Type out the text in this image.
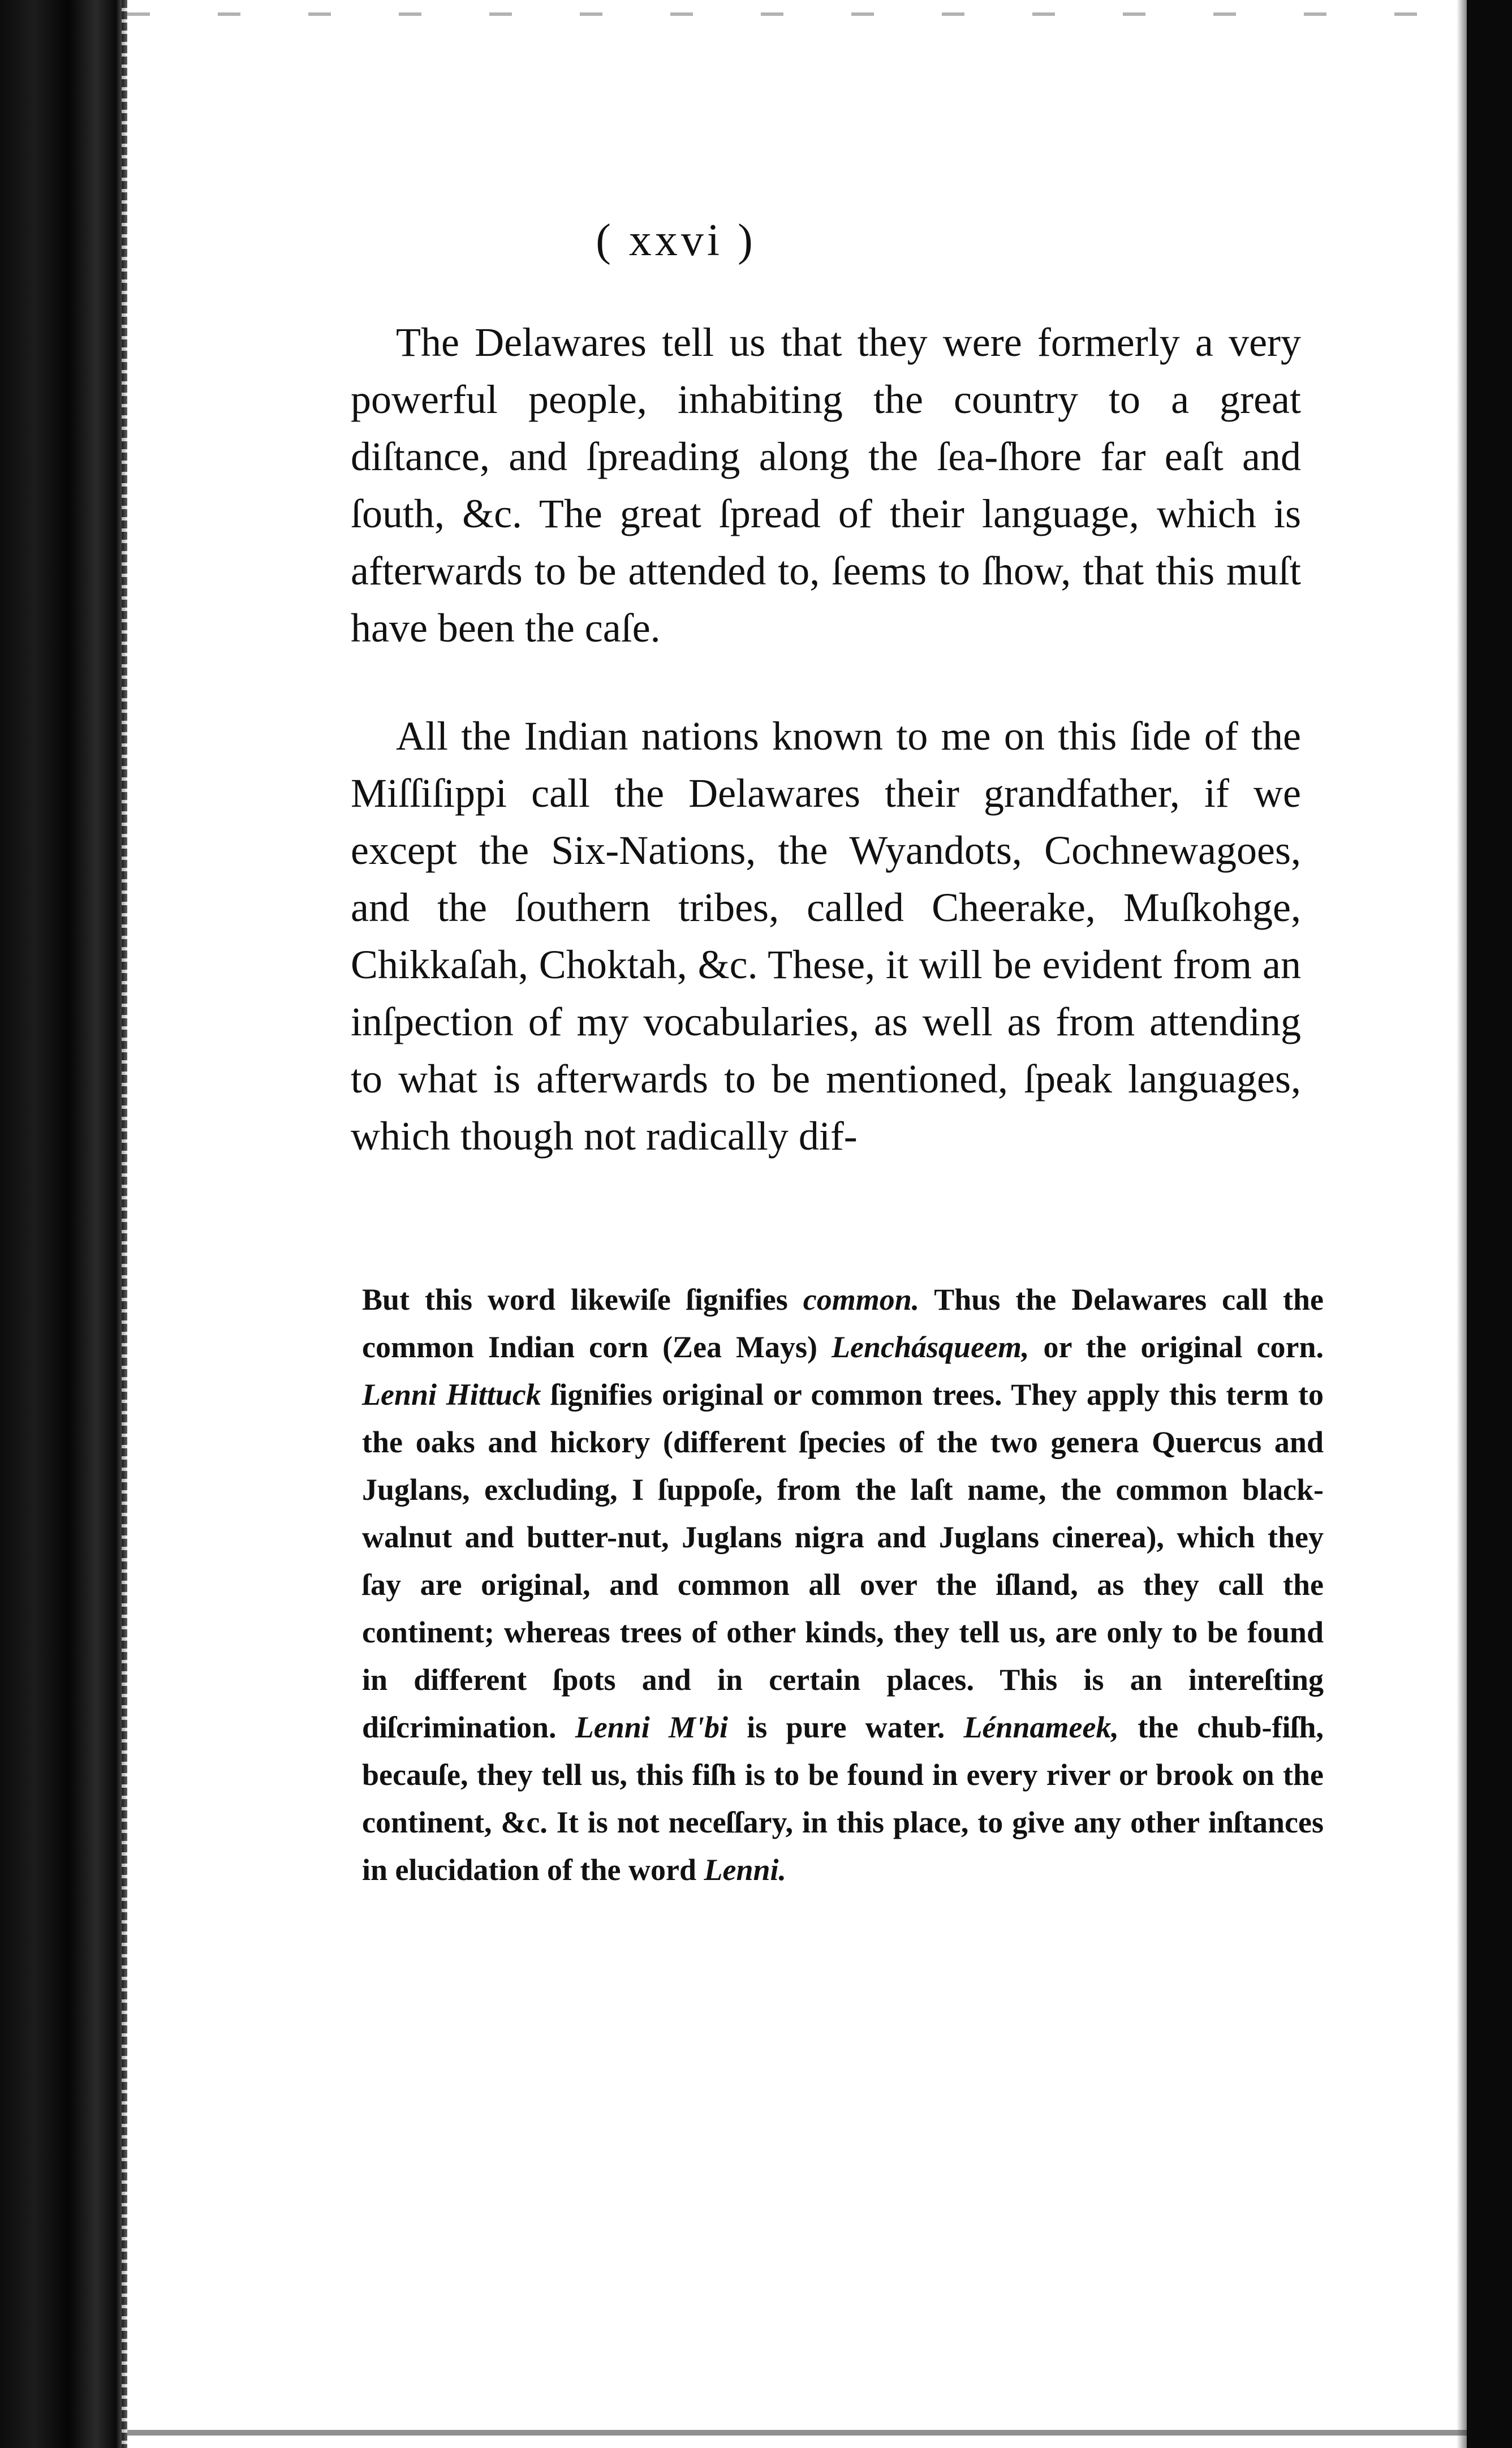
( xxvi )

The Delawares tell us that they were formerly a very powerful people, inhabiting the country to a great diſtance, and ſpreading along the ſea-ſhore far eaſt and ſouth, &c. The great ſpread of their language, which is afterwards to be attended to, ſeems to ſhow, that this muſt have been the caſe.

All the Indian nations known to me on this ſide of the Miſſiſippi call the Delawares their grandfather, if we except the Six-Nations, the Wyandots, Cochnewagoes, and the ſouthern tribes, called Cheerake, Muſkohge, Chikkaſah, Choktah, &c. These, it will be evident from an inſpection of my vocabularies, as well as from attending to what is afterwards to be mentioned, ſpeak languages, which though not radically dif-

But this word likewiſe ſignifies common. Thus the Delawares call the common Indian corn (Zea Mays) Lenchásqueem, or the original corn. Lenni Hittuck ſignifies original or common trees. They apply this term to the oaks and hickory (different ſpecies of the two genera Quercus and Juglans, excluding, I ſuppoſe, from the laſt name, the common black-walnut and butter-nut, Juglans nigra and Juglans cinerea), which they ſay are original, and common all over the iſland, as they call the continent; whereas trees of other kinds, they tell us, are only to be found in different ſpots and in certain places. This is an intereſting diſcrimination. Lenni M'bi is pure water. Lénnameek, the chub-fiſh, becauſe, they tell us, this fiſh is to be found in every river or brook on the continent, &c. It is not neceſſary, in this place, to give any other inſtances in elucidation of the word Lenni.
